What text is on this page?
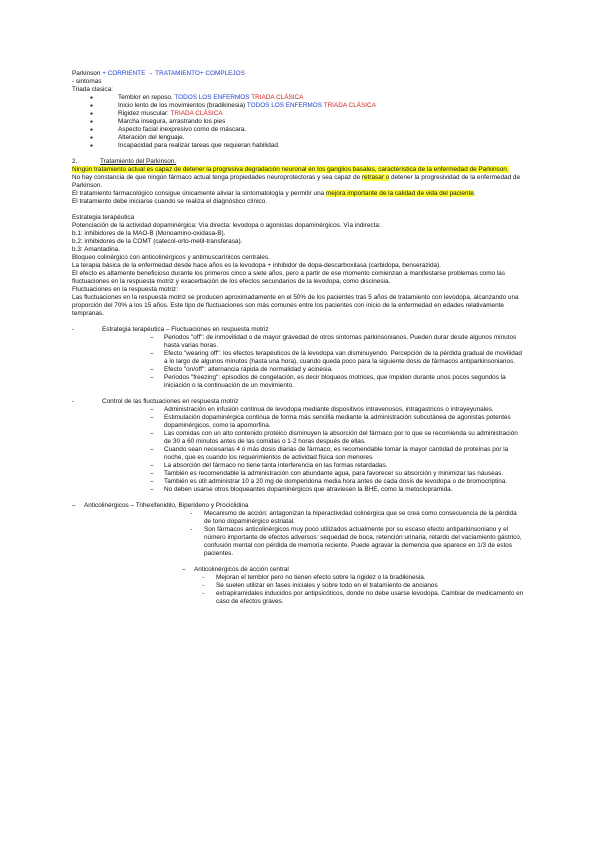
Parkinson + CORRIENTE → TRATAMIENTO+ COMPLEJOS

- sintomas

Triada clasica:

● Temblor en reposo. TODOS LOS ENFERMOS TRIADA CLÁSICA
● Inicio lento de los movimientos (bradikinesia) TODOS LOS ENFERMOS TRIADA CLÁSICA
● Rigidez muscular: TRIADA CLÁSICA
● Marcha insegura, arrastrando los pies
● Aspecto facial inexpresivo como de máscara.
● Alteración del lenguaje.
● Incapacidad para realizar tareas que requieran habilidad.

2.	Tratamiento del Parkinson.

Ningún tratamiento actual es capaz de detener la progresiva degradación neuronal en los ganglios basales, característica de la enfermedad de Parkinson.

No hay constancia de que ningún fármaco actual tenga propiedades neuroprotectoras y sea capaz de retrasar o detener la progresividad de la enfermedad de Parkinson.

El tratamiento farmacológico consigue únicamente aliviar la sintomatología y permitir una mejora importante de la calidad de vida del paciente.

El tratamiento debe iniciarse cuando se realiza el diagnóstico clínico.

Estrategia terapéutica

Potenciación de la actividad dopaminérgica: Vía directa: levodopa o agonistas dopaminérgicos. Vía indirecta:

b.1: inhibidores de la MAO-B (Monoamino-oxidasa-B).

b.2: inhibidores de la COMT (catecol-orto-metil-transferasa).

b.3: Amantadina.

Bloqueo colinérgico con anticolinérgicos y antimuscarínicos centrales.

La terapia básica de la enfermedad desde hace años es la levodopa + inhibidor de dopa-descarboxilasa (carbidopa, benserazida).

El efecto es altamente beneficioso durante los primeros cinco a siete años, pero a partir de ese momento comienzan a manifestarse problemas como las fluctuaciones en la respuesta motriz y exacerbación de los efectos secundarios de la levodopa, como discinesia.

Fluctuaciones en la respuesta motriz:

Las fluctuaciones en la respuesta motriz se producen aproximadamente en el 50% de los pacientes tras 5 años de tratamiento con levodopa, alcanzando una proporción del 70% a los 15 años. Este tipo de fluctuaciones son más comunes entre los pacientes con inicio de la enfermedad en edades relativamente tempranas.

- Estrategia terapéutica – Fluctuaciones en respuesta motriz

– Periodos "off": de inmovilidad o de mayor gravedad de otros síntomas parkinsonianos. Pueden durar desde algunos minutos hasta varias horas.
– Efecto "wearing off": los efectos terapéuticos de la levodopa van disminuyendo. Percepción de la pérdida gradual de movilidad a lo largo de algunos minutos (hasta una hora), cuando queda poco para la siguiente dosis de fármacos antiparkinsonianos.
– Efecto "on/off": alternancia rápida de normalidad y acinesia.
– Periodos "freezing": episodios de congelación, es decir bloqueos motrices, que impiden durante unos pocos segundos la iniciación o la continuación de un movimiento.

- Control de las fluctuaciones en respuesta motriz

– Administración en infusión continua de levodopa mediante dispositivos intravenosos, intragastricos o intrayeyunales.
– Estimulación dopaminérgica continua de forma más sencilla mediante la administración subcutánea de agonistas potentes dopaminérgicos, como la apomorfina.
– Las comidas con un alto contenido proteico disminuyen la absorción del fármaco por lo que se recomienda su administración de 30 a 60 minutos antes de las comidas o 1-2 horas después de ellas.
– Cuando sean necesarias 4 ó más dosis diarias de fármaco, es recomendable tomar la mayor cantidad de proteínas por la noche, que es cuando los requerimientos de actividad física son menores.
– La absorción del fármaco no tiene tanta interferencia en las formas retardadas.
– También es recomendable la administración con abundante agua, para favorecer su absorción y minimizar las náuseas.
– También es útil administrar 10 a 20 mg de domperidona media hora antes de cada dosis de levodopa o de bromocriptina.
– No deben usarse otros bloqueantes dopaminérgicos que atraviesen la BHE, como la metoclopramida.

– Anticolinérgicos – Trihexifenidilo, Biperideno y Prociclidina

- Mecanismo de acción: antagonizan la hiperactividad colinérgica que se crea como consecuencia de la pérdida de tono dopaminérgico estriatal.
- Son fármacos anticolinérgicos muy poco utilizados actualmente por su escaso efecto antiparkinsoniano y el número importante de efectos adversos: sequedad de boca, retención urinaria, retardo del vaciamiento gástrico, confusión mental con pérdida de memoria reciente. Puede agravar la demencia que aparece en 1/3 de estos pacientes.

– Anticolinérgicos de acción central

- Mejoran el temblor pero no tienen efecto sobre la rigidez o la bradikinesia.
- Se suelen utilizar en fases iniciales y sobre todo en el tratamiento de ancianos
- extrapiramidales inducidos por antipsicóticos, donde no debe usarse levodopa. Cambiar de medicamento en caso de efectos graves.
